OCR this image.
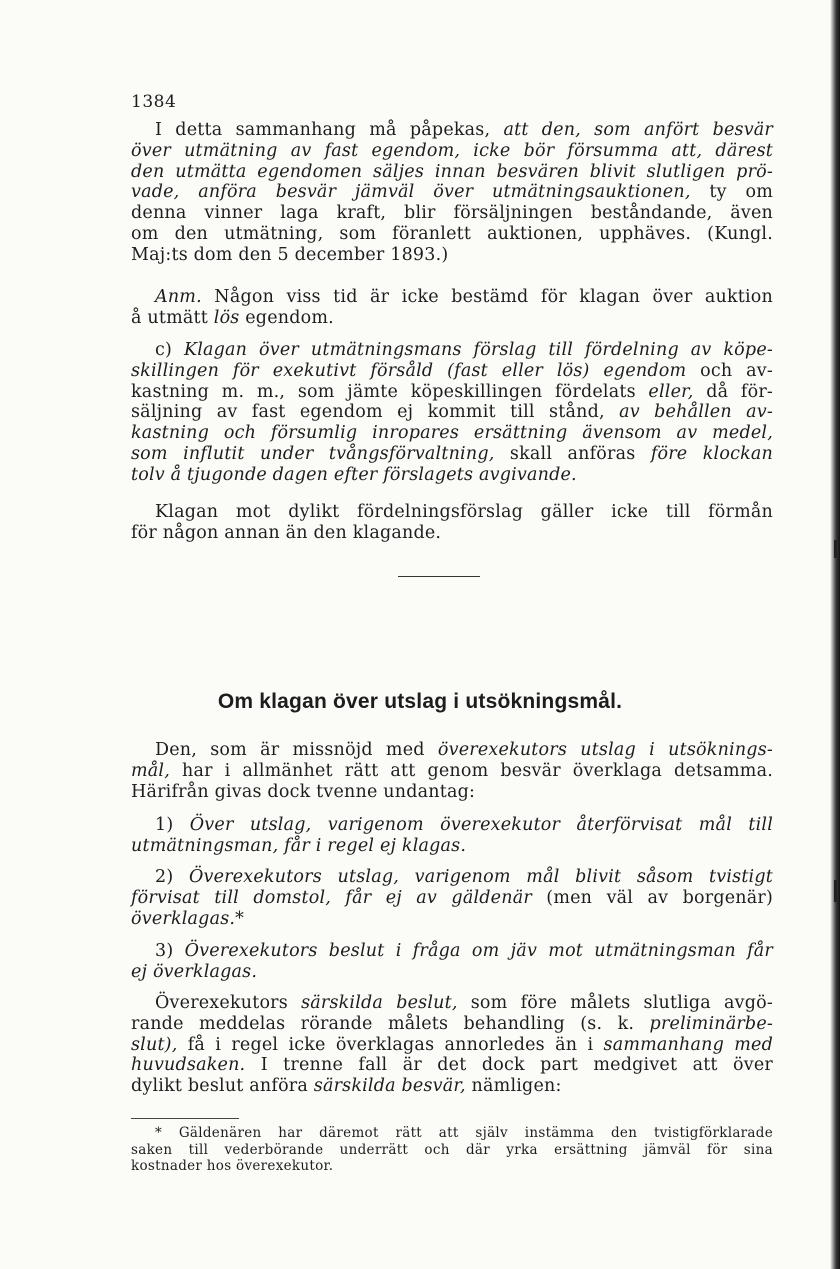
1384
I detta sammanhang må påpekas, att den, som anfört besvär
över utmätning av fast egendom, icke bör försumma att, därest
den utmätta egendomen säljes innan besvären blivit slutligen prö-
vade, anföra besvär jämväl över utmätningsauktionen, ty om
denna vinner laga kraft, blir försäljningen beståndande, även
om den utmätning, som föranlett auktionen, upphäves. (Kungl.
Maj:ts dom den 5 december 1893.)
Anm. Någon viss tid är icke bestämd för klagan över auktion
å utmätt lös egendom.
c) Klagan över utmätningsmans förslag till fördelning av köpe-
skillingen för exekutivt försåld (fast eller lös) egendom och av-
kastning m. m., som jämte köpeskillingen fördelats eller, då för-
säljning av fast egendom ej kommit till stånd, av behållen av-
kastning och försumlig inropares ersättning ävensom av medel,
som influtit under tvångsförvaltning, skall anföras före klockan
tolv å tjugonde dagen efter förslagets avgivande.
Klagan mot dylikt fördelningsförslag gäller icke till förmån
för någon annan än den klagande.
Om klagan över utslag i utsökningsmål.
Den, som är missnöjd med överexekutors utslag i utsöknings-
mål, har i allmänhet rätt att genom besvär överklaga detsamma.
Härifrån givas dock tvenne undantag:
1) Över utslag, varigenom överexekutor återförvisat mål till
utmätningsman, får i regel ej klagas.
2) Överexekutors utslag, varigenom mål blivit såsom tvistigt
förvisat till domstol, får ej av gäldenär (men väl av borgenär)
överklagas.*
3) Överexekutors beslut i fråga om jäv mot utmätningsman får
ej överklagas.
Överexekutors särskilda beslut, som före målets slutliga avgö-
rande meddelas rörande målets behandling (s. k. preliminärbe-
slut), få i regel icke överklagas annorledes än i sammanhang med
huvudsaken. I trenne fall är det dock part medgivet att över
dylikt beslut anföra särskilda besvär, nämligen:
* Gäldenären har däremot rätt att själv instämma den tvistigförklarade
saken till vederbörande underrätt och där yrka ersättning jämväl för sina
kostnader hos överexekutor.
